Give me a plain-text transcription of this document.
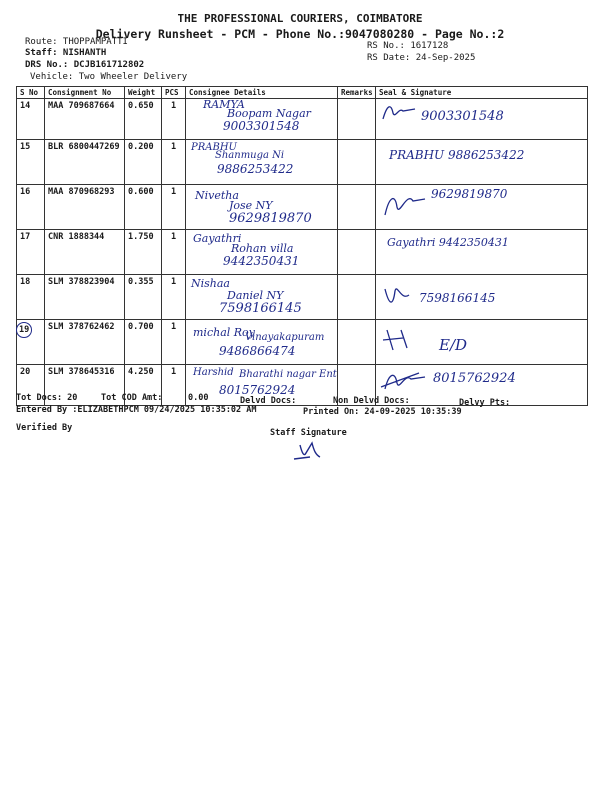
THE PROFESSIONAL COURIERS, COIMBATORE
Delivery Runsheet - PCM - Phone No.:9047080280 - Page No.:2
Route: THOPPAMPATTI
Staff: NISHANTH
DRS No.: DCJB161712802
Vehicle: Two Wheeler Delivery
RS No.: 1617128
RS Date: 24-Sep-2025
S No	Consignment No	Weight	PCS	Consignee Details	Remarks	Seal & Signature
14	MAA 709687664	0.650	1	RAMYA
Boopam Nagar
9003301548		9003301548

15	BLR 6800447269	0.200	1	PRABHU
Shanmuga Ni
9886253422		PRABHU 9886253422

16	MAA 870968293	0.600	1	Nivetha
Jose NY
9629819870		9629819870

17	CNR 1888344	1.750	1	Gayathri
Rohan villa
9442350431		Gayathri 9442350431

18	SLM 378823904	0.355	1	Nishaa
Daniel NY
7598166145		7598166145

19	SLM 378762462	0.700	1	michal Roy
Vinayakapuram
9486866474		E/D

20	SLM 378645316	4.250	1	Harshid Bharathi nagar Ent
8015762924		8015762924
Tot Docs: 20	Tot COD Amt:     0.00	Delvd Docs:	Non Delvd Docs:	Delvy Pts:
Entered By :ELIZABETHPCM 09/24/2025 10:35:02 AM	Printed On: 24-09-2025 10:35:39
Verified By	Staff Signature
